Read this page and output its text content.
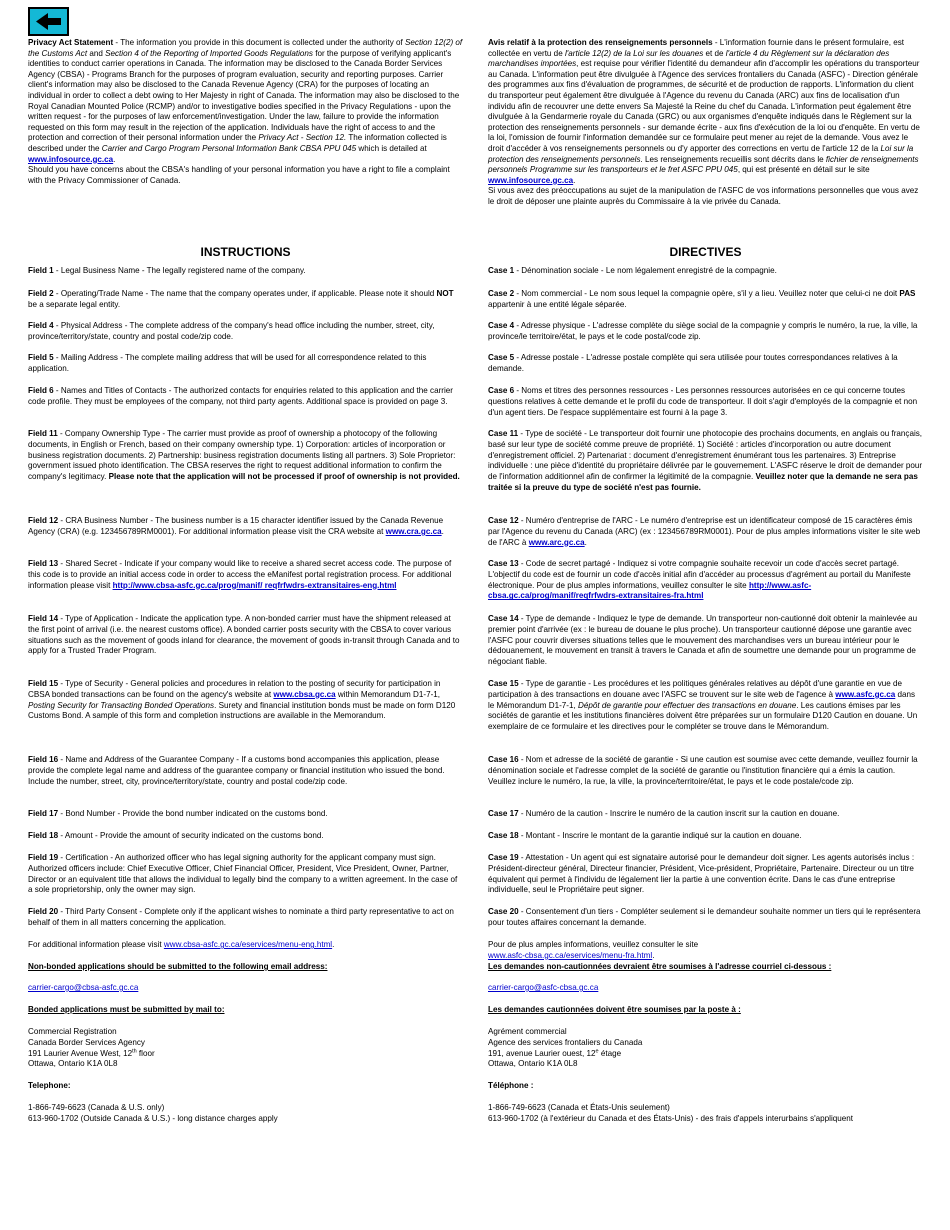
Privacy Act Statement - The information you provide in this document is collected under the authority of Section 12(2) of the Customs Act and Section 4 of the Reporting of Imported Goods Regulations for the purpose of verifying applicant's identities to conduct carrier operations in Canada. The information may be disclosed to the Canada Border Services Agency (CBSA) - Programs Branch for the purposes of program evaluation, security and reporting purposes. Carrier client's information may also be disclosed to the Canada Revenue Agency (CRA) for the purposes of locating an individual in order to collect a debt owing to Her Majesty in right of Canada. The information may also be disclosed to the Royal Canadian Mounted Police (RCMP) and/or to investigative bodies specified in the Privacy Regulations - upon the written request - for the purposes of law enforcement/investigation. Under the law, failure to provide the information requested on this form may result in the rejection of the application. Individuals have the right of access to and the protection and correction of their personal information under the Privacy Act - Section 12. The information collected is described under the Carrier and Cargo Program Personal Information Bank CBSA PPU 045 which is detailed at www.infosource.gc.ca.

Should you have concerns about the CBSA's handling of your personal information you have a right to file a complaint with the Privacy Commissioner of Canada.

Avis relatif à la protection des renseignements personnels - L'information fournie dans le présent formulaire, est collectée en vertu de l'article 12(2) de la Loi sur les douanes et de l'article 4 du Règlement sur la déclaration des marchandises importées, est requise pour vérifier l'identité du demandeur afin d'accomplir les opérations du transporteur au Canada. L'information peut être divulguée à l'Agence des services frontaliers du Canada (ASFC) - Direction générale des programmes aux fins d'évaluation de programmes, de sécurité et de production de rapports. L'information du client du transporteur peut également être divulguée à l'Agence du revenu du Canada (ARC) aux fins de localisation d'un individu afin de recouvrer une dette envers Sa Majesté la Reine du chef du Canada. L'information peut également être divulguée à la Gendarmerie royale du Canada (GRC) ou aux organismes d'enquête indiqués dans le Règlement sur la protection des renseignements personnels - sur demande écrite - aux fins d'exécution de la loi ou d'enquête. En vertu de la loi, l'omission de fournir l'information demandée sur ce formulaire peut mener au rejet de la demande. Vous avez le droit d'accéder à vos renseignements personnels ou d'y apporter des corrections en vertu de l'article 12 de la Loi sur la protection des renseignements personnels. Les renseignements recueillis sont décrits dans le fichier de renseignements personnels Programme sur les transporteurs et le fret ASFC PPU 045, qui est présenté en détail sur le site www.infosource.gc.ca.

Si vous avez des préoccupations au sujet de la manipulation de l'ASFC de vos informations personnelles que vous avez le droit de déposer une plainte auprès du Commissaire à la vie privée du Canada.

INSTRUCTIONS	DIRECTIVES

Field 1 - Legal Business Name - The legally registered name of the company.

Field 2 - Operating/Trade Name - The name that the company operates under, if applicable. Please note it should NOT be a separate legal entity.

Field 4 - Physical Address - The complete address of the company's head office including the number, street, city, province/territory/state, country and postal code/zip code.

Field 5 - Mailing Address - The complete mailing address that will be used for all correspondence related to this application.

Field 6 - Names and Titles of Contacts - The authorized contacts for enquiries related to this application and the carrier code profile. They must be employees of the company, not third party agents. Additional space is provided on page 3.

Field 11 - Company Ownership Type - The carrier must provide as proof of ownership a photocopy of the following documents, in English or French, based on their company ownership type. 1) Corporation: articles of incorporation or business registration documents. 2) Partnership: business registration documents listing all partners. 3) Sole Proprietor: government issued photo identification. The CBSA reserves the right to request additional information to confirm the company's legitimacy. Please note that the application will not be processed if proof of ownership is not provided.

Field 12 - CRA Business Number - The business number is a 15 character identifier issued by the Canada Revenue Agency (CRA) (e.g. 123456789RM0001). For additional information please visit the CRA website at www.cra.gc.ca.

Field 13 - Shared Secret - Indicate if your company would like to receive a shared secret access code. The purpose of this code is to provide an initial access code in order to access the eManifest portal registration process. For additional information please visit http://www.cbsa-asfc.gc.ca/prog/manif/ reqfrfwdrs-extransitaires-eng.html

Field 14 - Type of Application - Indicate the application type. A non-bonded carrier must have the shipment released at the first point of arrival (i.e. the nearest customs office). A bonded carrier posts security with the CBSA to cover various situations such as the movement of goods inland for clearance, the movement of goods in-transit through Canada and to apply for a Trusted Trader Program.

Field 15 - Type of Security - General policies and procedures in relation to the posting of security for participation in CBSA bonded transactions can be found on the agency's website at www.cbsa.gc.ca within Memorandum D1-7-1, Posting Security for Transacting Bonded Operations. Surety and financial institution bonds must be made on form D120 Customs Bond. A sample of this form and completion instructions are available in the Memorandum.

Field 16 - Name and Address of the Guarantee Company - If a customs bond accompanies this application, please provide the complete legal name and address of the guarantee company or financial institution who issued the bond. Include the number, street, city, province/territory/state, country and postal code/zip code.

Field 17 - Bond Number - Provide the bond number indicated on the customs bond.

Field 18 - Amount - Provide the amount of security indicated on the customs bond.

Field 19 - Certification - An authorized officer who has legal signing authority for the applicant company must sign. Authorized officers include: Chief Executive Officer, Chief Financial Officer, President, Vice President, Owner, Partner, Director or an equivalent title that allows the individual to legally bind the company to a written agreement. In the case of a sole proprietorship, only the owner may sign.

Field 20 - Third Party Consent - Complete only if the applicant wishes to nominate a third party representative to act on behalf of them in all matters concerning the application.

For additional information please visit www.cbsa-asfc.gc.ca/eservices/menu-eng.html.

Non-bonded applications should be submitted to the following email address:

carrier-cargo@cbsa-asfc.gc.ca

Bonded applications must be submitted by mail to:

Commercial Registration

Canada Border Services Agency

191 Laurier Avenue West, 12th floor

Ottawa, Ontario K1A 0L8

Telephone:

1-866-749-6623 (Canada & U.S. only)

613-960-1702 (Outside Canada & U.S.) - long distance charges apply

Case 1 - Dénomination sociale - Le nom légalement enregistré de la compagnie.

Case 2 - Nom commercial - Le nom sous lequel la compagnie opère, s'il y a lieu. Veuillez noter que celui-ci ne doit PAS appartenir à une entité légale séparée.

Case 4 - Adresse physique - L'adresse complète du siège social de la compagnie y compris le numéro, la rue, la ville, la province/le territoire/état, le pays et le code postal/code zip.

Case 5 - Adresse postale - L'adresse postale complète qui sera utilisée pour toutes correspondances relatives à la demande.

Case 6 - Noms et titres des personnes ressources - Les personnes ressources autorisées en ce qui concerne toutes questions relatives à cette demande et le profil du code de transporteur. Il doit s'agir d'employés de la compagnie et non d'un agent tiers. De l'espace supplémentaire est fourni à la page 3.

Case 11 - Type de société - Le transporteur doit fournir une photocopie des prochains documents, en anglais ou français, basé sur leur type de société comme preuve de propriété. 1) Société : articles d'incorporation ou autre document d'enregistrement officiel. 2) Partenariat : document d'enregistrement énumérant tous les partenaires. 3) Entreprise individuelle : une pièce d'identité du propriétaire délivrée par le gouvernement. L'ASFC réserve le droit de demander pour de l'information additionnel afin de confirmer la légitimité de la compagnie. Veuillez noter que la demande ne sera pas traitée si la preuve du type de société n'est pas fournie.

Case 12 - Numéro d'entreprise de l'ARC - Le numéro d'entreprise est un identificateur composé de 15 caractères émis par l'Agence du revenu du Canada (ARC) (ex : 123456789RM0001). Pour de plus amples informations visiter le site web de l'ARC à www.arc.gc.ca.

Case 13 - Code de secret partagé - Indiquez si votre compagnie souhaite recevoir un code d'accès secret partagé. L'objectif du code est de fournir un code d'accès initial afin d'accéder au processus d'agrément au portail du Manifeste électronique. Pour de plus amples informations, veuillez consulter le site http://www.asfc-cbsa.gc.ca/prog/manif/reqfrfwdrs-extransitaires-fra.html

Case 14 - Type de demande - Indiquez le type de demande. Un transporteur non-cautionné doit obtenir la mainlevée au premier point d'arrivée (ex : le bureau de douane le plus proche). Un transporteur cautionné dépose une garantie avec l'ASFC pour couvrir diverses situations telles que le mouvement des marchandises vers un bureau intérieur pour le dédouanement, le mouvement en transit à travers le Canada et afin de soumettre une demande pour un programme de négociant fiable.

Case 15 - Type de garantie - Les procédures et les politiques générales relatives au dépôt d'une garantie en vue de participation à des transactions en douane avec l'ASFC se trouvent sur le site web de l'agence à www.asfc.gc.ca dans le Mémorandum D1-7-1, Dépôt de garantie pour effectuer des transactions en douane. Les cautions émises par les sociétés de garantie et les institutions financières doivent être préparées sur un formulaire D120 Caution en douane. Un exemplaire de ce formulaire et les directives pour le compléter se trouve dans le Mémorandum.

Case 16 - Nom et adresse de la société de garantie - Si une caution est soumise avec cette demande, veuillez fournir la dénomination sociale et l'adresse complet de la société de garantie ou l'institution financière qui a émis la caution. Veuillez inclure le numéro, la rue, la ville, la province/territoire/état, le pays et le code postale/code zip.

Case 17 - Numéro de la caution - Inscrire le numéro de la caution inscrit sur la caution en douane.

Case 18 - Montant - Inscrire le montant de la garantie indiqué sur la caution en douane.

Case 19 - Attestation - Un agent qui est signataire autorisé pour le demandeur doit signer. Les agents autorisés inclus : Président-directeur général, Directeur financier, Président, Vice-président, Propriétaire, Partenaire. Directeur ou un titre équivalent qui permet à l'individu de légalement lier la partie à une convention écrite. Dans le cas d'une entreprise individuelle, seul le Propriétaire peut signer.

Case 20 - Consentement d'un tiers - Compléter seulement si le demandeur souhaite nommer un tiers qui le représentera pour toutes affaires concernant la demande.

Pour de plus amples informations, veuillez consulter le site

www.asfc-cbsa.gc.ca/eservices/menu-fra.html.

Les demandes non-cautionnées devraient être soumises à l'adresse courriel ci-dessous :

carrier-cargo@asfc-cbsa.gc.ca

Les demandes cautionnées doivent être soumises par la poste à :

Agrément commercial

Agence des services frontaliers du Canada

191, avenue Laurier ouest, 12e étage

Ottawa, Ontario K1A 0L8

Téléphone :

1-866-749-6623 (Canada et États-Unis seulement)

613-960-1702 (à l'extérieur du Canada et des États-Unis) - des frais d'appels interurbains s'appliquent
